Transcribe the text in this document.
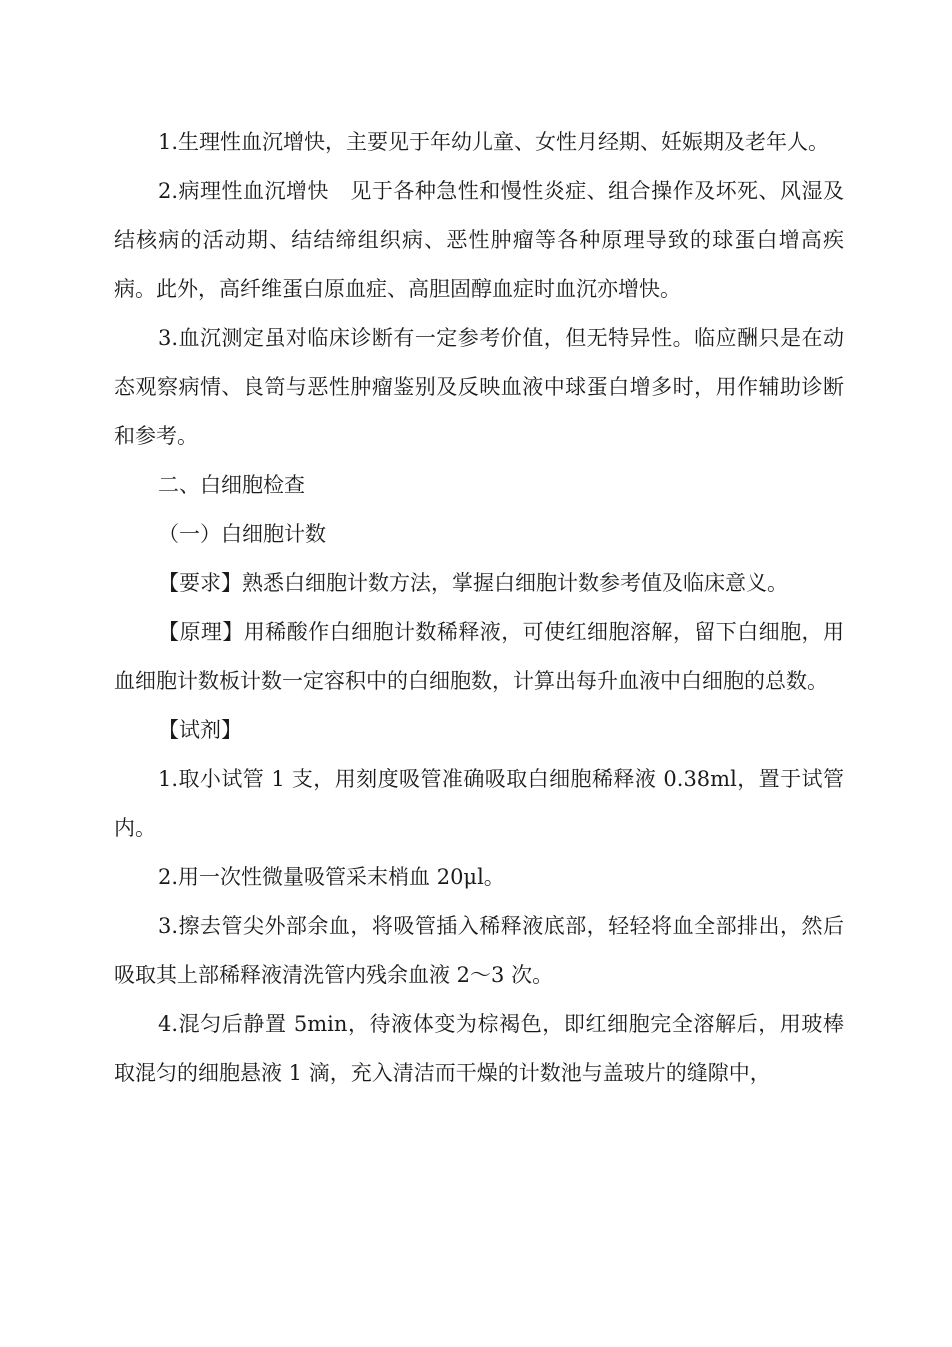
1.生理性血沉增快，主要见于年幼儿童、女性月经期、妊娠期及老年人。

2.病理性血沉增快　见于各种急性和慢性炎症、组合操作及坏死、风湿及结核病的活动期、结结缔组织病、恶性肿瘤等各种原理导致的球蛋白增高疾病。此外，高纤维蛋白原血症、高胆固醇血症时血沉亦增快。

3.血沉测定虽对临床诊断有一定参考价值，但无特异性。临应酬只是在动态观察病情、良笥与恶性肿瘤鉴别及反映血液中球蛋白增多时，用作辅助诊断和参考。

二、白细胞检查

（一）白细胞计数

【要求】熟悉白细胞计数方法，掌握白细胞计数参考值及临床意义。

【原理】用稀酸作白细胞计数稀释液，可使红细胞溶解，留下白细胞，用血细胞计数板计数一定容积中的白细胞数，计算出每升血液中白细胞的总数。

【试剂】

1.取小试管 1 支，用刻度吸管准确吸取白细胞稀释液 0.38ml，置于试管内。

2.用一次性微量吸管采末梢血 20μl。

3.擦去管尖外部余血，将吸管插入稀释液底部，轻轻将血全部排出，然后吸取其上部稀释液清洗管内残余血液 2～3 次。

4.混匀后静置 5min，待液体变为棕褐色，即红细胞完全溶解后，用玻棒取混匀的细胞悬液 1 滴，充入清洁而干燥的计数池与盖玻片的缝隙中，
